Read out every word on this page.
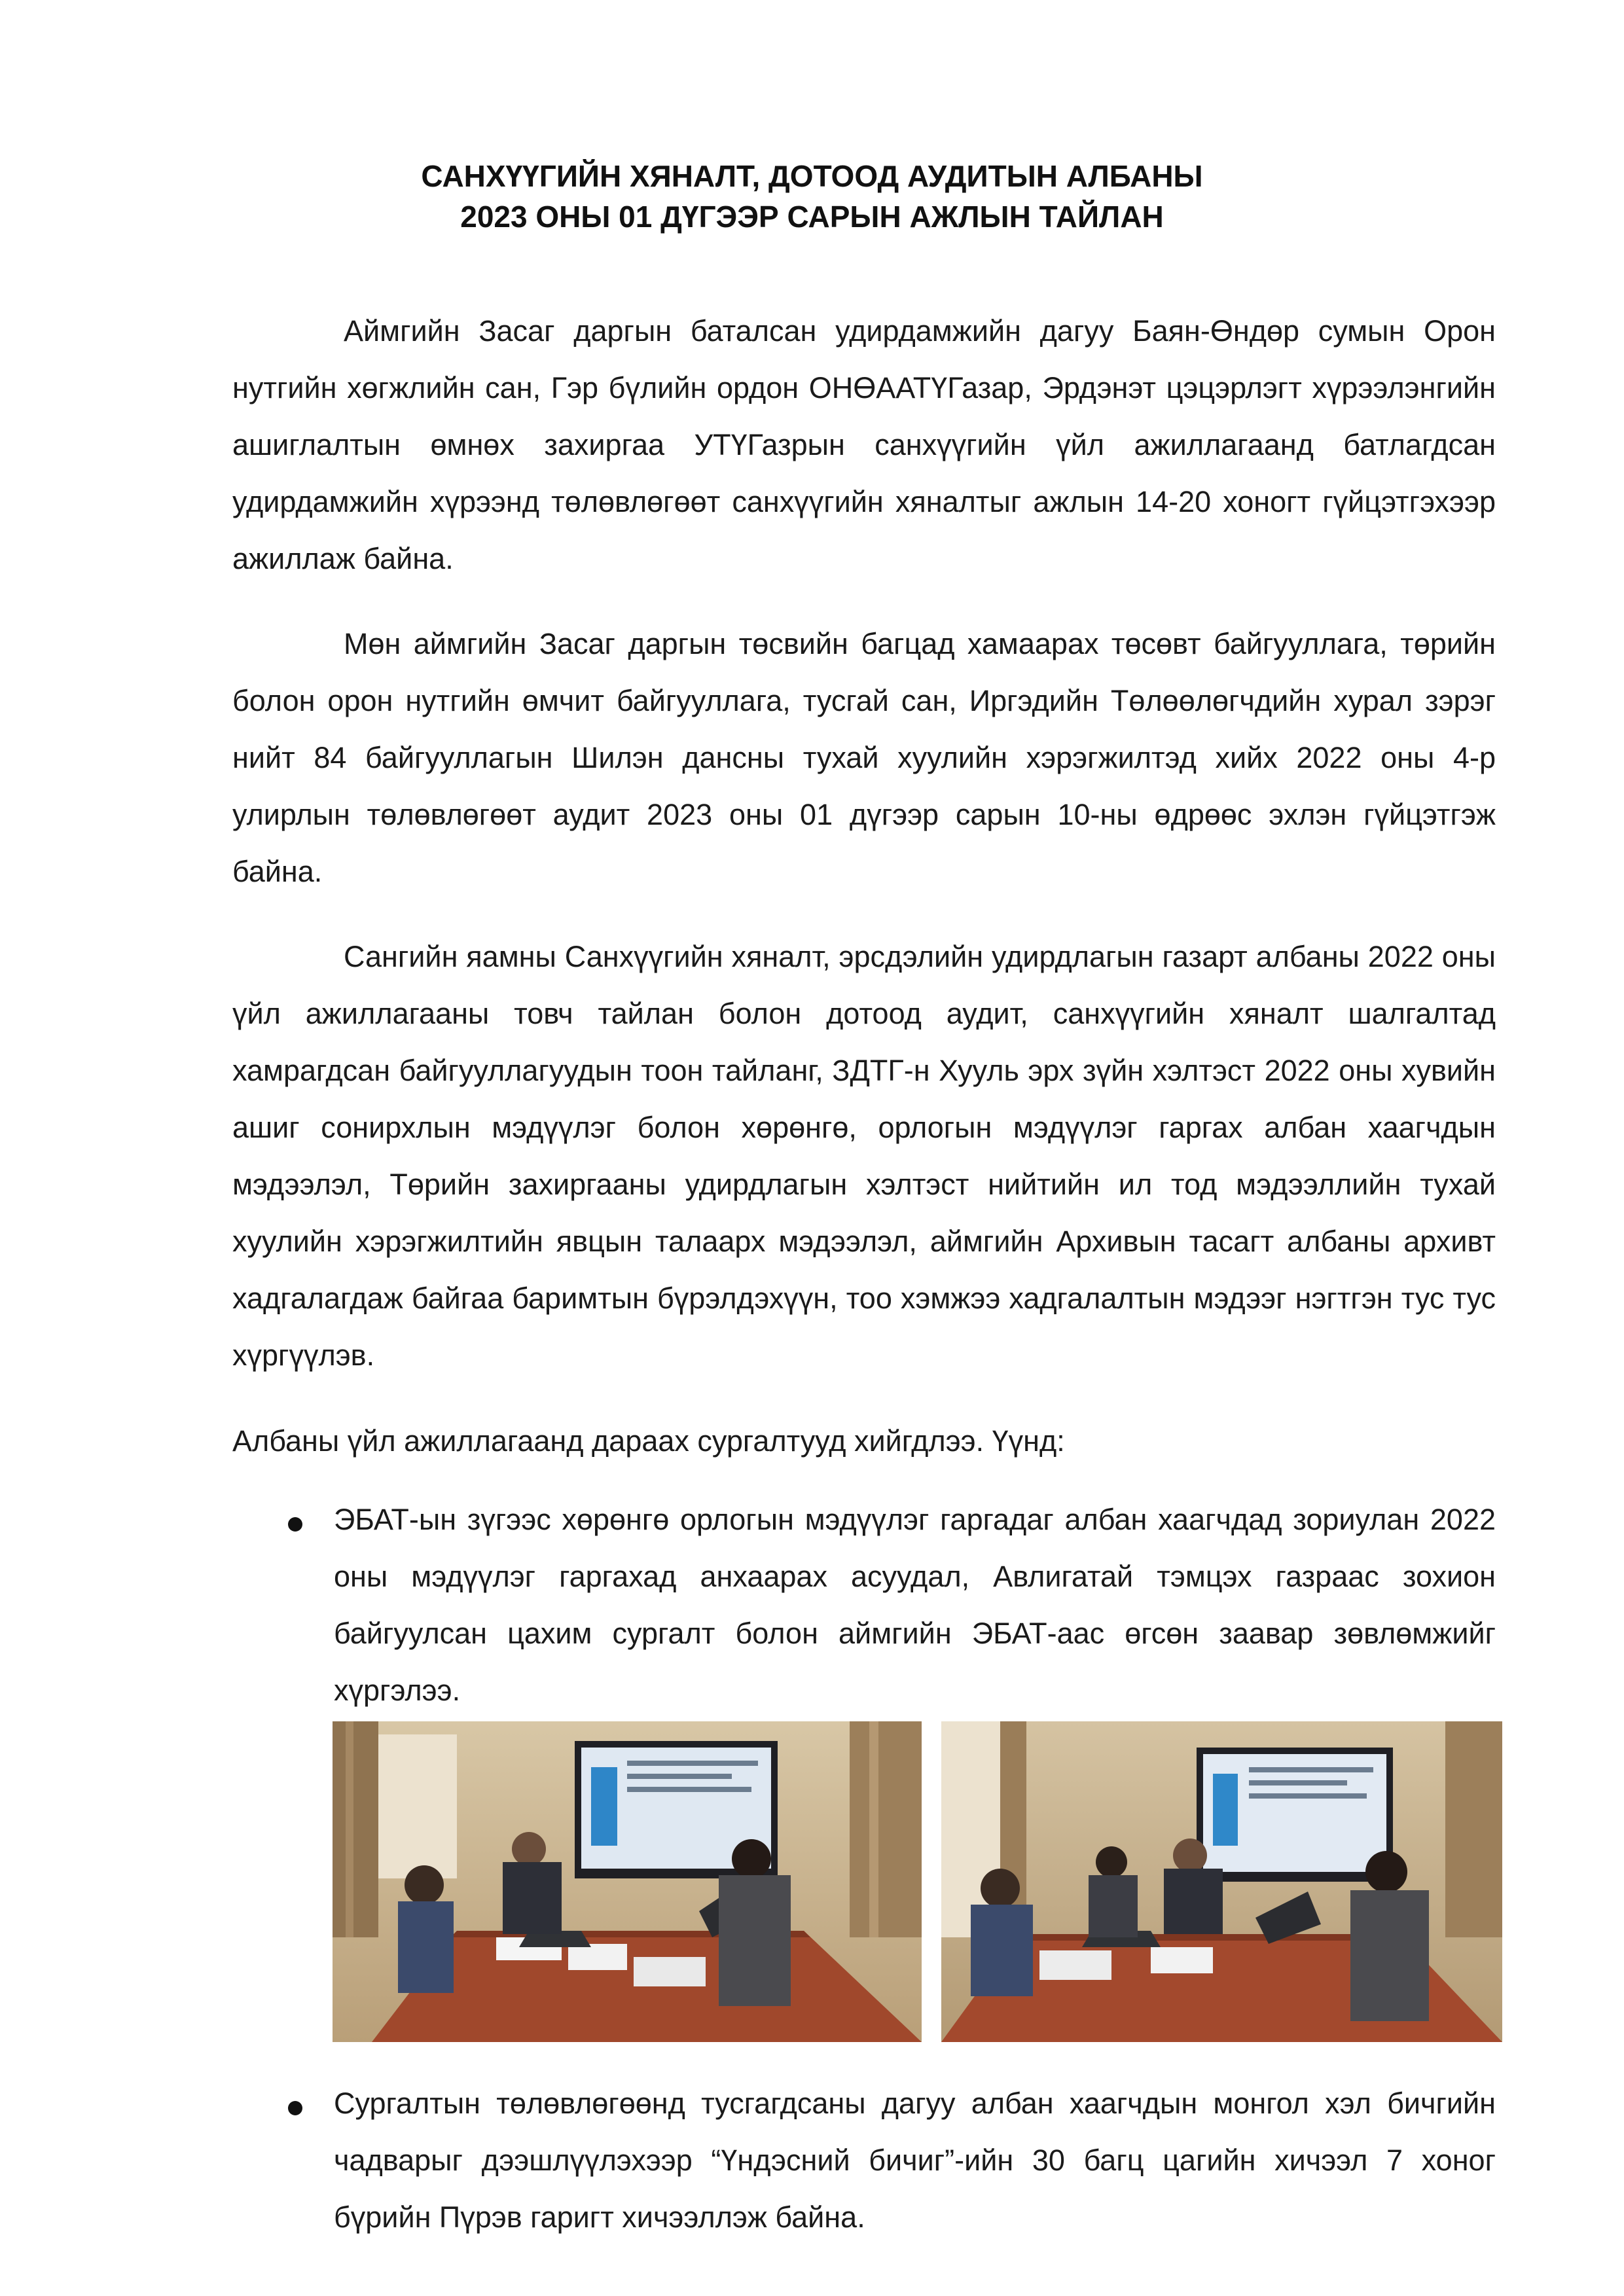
САНХҮҮГИЙН ХЯНАЛТ, ДОТООД АУДИТЫН АЛБАНЫ
2023 ОНЫ 01 ДҮГЭЭР САРЫН АЖЛЫН ТАЙЛАН
Аймгийн Засаг даргын баталсан удирдамжийн дагуу Баян-Өндөр сумын Орон нутгийн хөгжлийн сан, Гэр бүлийн ордон ОНӨААТҮГазар, Эрдэнэт цэцэрлэгт хүрээлэнгийн ашиглалтын өмнөх захиргаа УТҮГазрын санхүүгийн үйл ажиллагаанд батлагдсан удирдамжийн хүрээнд төлөвлөгөөт санхүүгийн хяналтыг ажлын 14-20 хоногт гүйцэтгэхээр ажиллаж байна.
Мөн аймгийн Засаг даргын төсвийн багцад хамаарах төсөвт байгууллага, төрийн болон орон нутгийн өмчит байгууллага, тусгай сан, Иргэдийн Төлөөлөгчдийн хурал зэрэг нийт 84 байгууллагын Шилэн дансны тухай хуулийн хэрэгжилтэд хийх 2022 оны 4-р улирлын төлөвлөгөөт аудит 2023 оны 01 дүгээр сарын 10-ны өдрөөс эхлэн гүйцэтгэж байна.
Сангийн яамны Санхүүгийн хяналт, эрсдэлийн удирдлагын газарт албаны 2022 оны үйл ажиллагааны товч тайлан болон дотоод аудит, санхүүгийн хяналт шалгалтад хамрагдсан байгууллагуудын тоон тайланг, ЗДТГ-н Хууль эрх зүйн хэлтэст 2022 оны хувийн ашиг сонирхлын мэдүүлэг болон хөрөнгө, орлогын мэдүүлэг гаргах албан хаагчдын мэдээлэл, Төрийн захиргааны удирдлагын хэлтэст нийтийн ил тод мэдээллийн тухай хуулийн хэрэгжилтийн явцын талаарх мэдээлэл, аймгийн Архивын тасагт албаны архивт хадгалагдаж байгаа баримтын бүрэлдэхүүн, тоо хэмжээ хадгалалтын мэдээг нэгтгэн тус тус хүргүүлэв.
Албаны үйл ажиллагаанд дараах сургалтууд хийгдлээ. Үүнд:
ЭБАТ-ын зүгээс хөрөнгө орлогын мэдүүлэг гаргадаг албан хаагчдад зориулан 2022 оны мэдүүлэг гаргахад анхаарах асуудал, Авлигатай тэмцэх газраас зохион байгуулсан цахим сургалт болон аймгийн ЭБАТ-аас өгсөн заавар зөвлөмжийг хүргэлээ.
Сургалтын төлөвлөгөөнд тусгагдсаны дагуу албан хаагчдын монгол хэл бичгийн чадварыг дээшлүүлэхээр “Үндэсний бичиг”-ийн 30 багц цагийн хичээл 7 хоног бүрийн Пүрэв гаригт хичээллэж байна.
